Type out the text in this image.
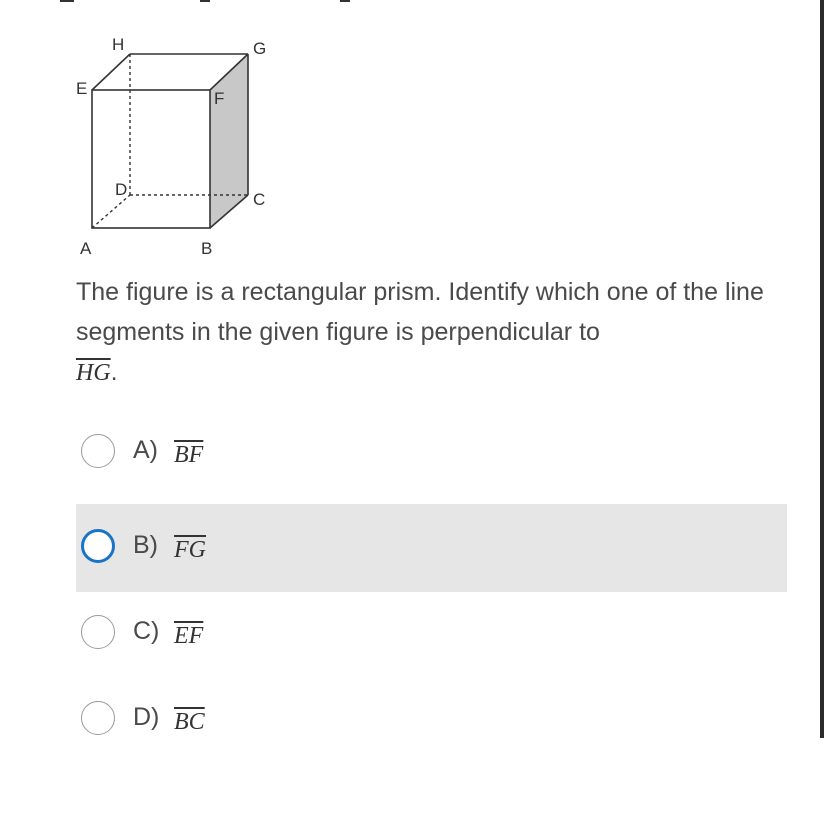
H	G
E
F
D
C
A	B
The figure is a rectangular prism. Identify which one of the line segments in the given figure is perpendicular to
$\overline{HG}$.
A) $\overline{BF}$
B) $\overline{FG}$
C) $\overline{EF}$
D) $\overline{BC}$
